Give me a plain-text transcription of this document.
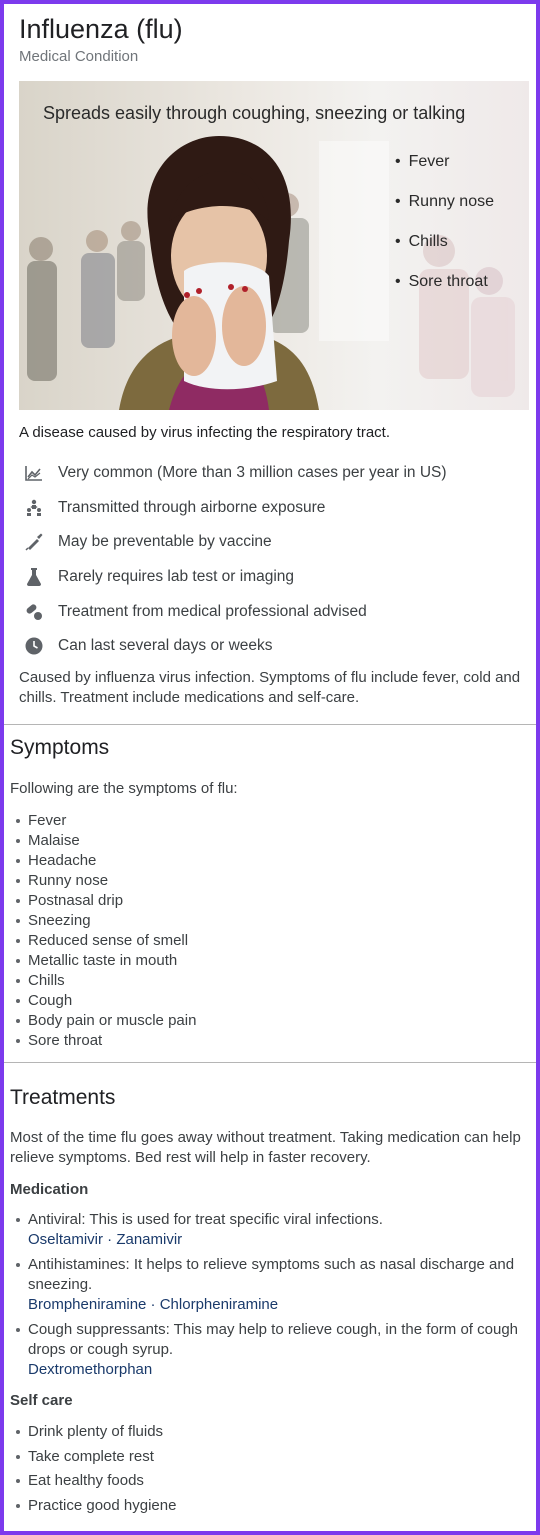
Influenza (flu)
Medical Condition
Spreads easily through coughing, sneezing or talking
• Fever
• Runny nose
• Chills
• Sore throat
A disease caused by virus infecting the respiratory tract.
Very common (More than 3 million cases per year in US)
Transmitted through airborne exposure
May be preventable by vaccine
Rarely requires lab test or imaging
Treatment from medical professional advised
Can last several days or weeks
Caused by influenza virus infection. Symptoms of flu include fever, cold and chills. Treatment include medications and self-care.
Symptoms
Following are the symptoms of flu:
Fever
Malaise
Headache
Runny nose
Postnasal drip
Sneezing
Reduced sense of smell
Metallic taste in mouth
Chills
Cough
Body pain or muscle pain
Sore throat
Treatments
Most of the time flu goes away without treatment. Taking medication can help relieve symptoms. Bed rest will help in faster recovery.
Medication
Antiviral: This is used for treat specific viral infections.
Oseltamivir · Zanamivir
Antihistamines: It helps to relieve symptoms such as nasal discharge and sneezing.
Brompheniramine · Chlorpheniramine
Cough suppressants: This may help to relieve cough, in the form of cough drops or cough syrup.
Dextromethorphan
Self care
Drink plenty of fluids
Take complete rest
Eat healthy foods
Practice good hygiene
